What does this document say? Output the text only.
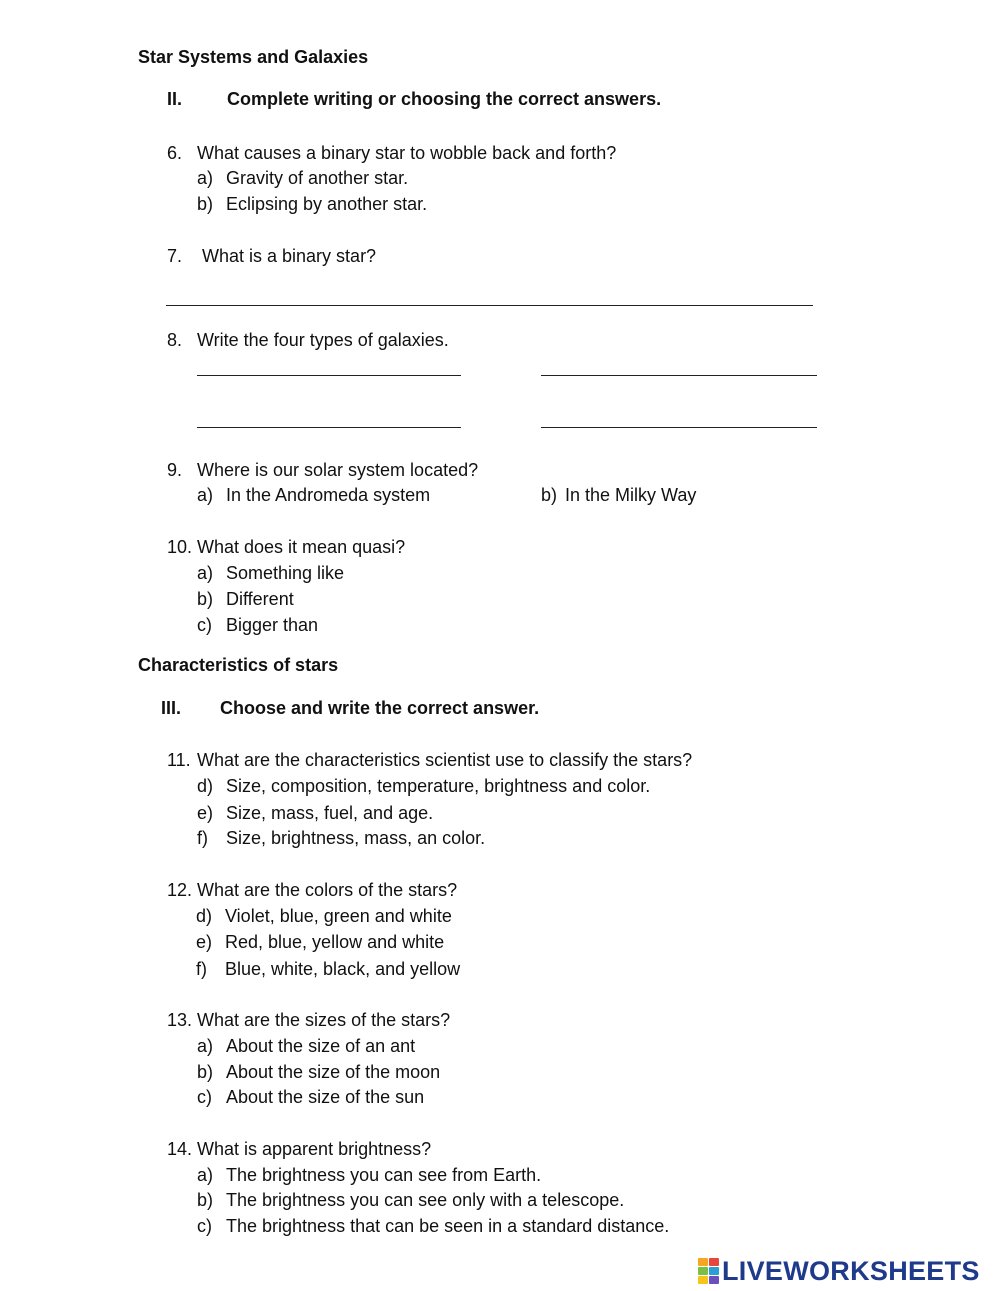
Star Systems and Galaxies
II. Complete writing or choosing the correct answers.
6. What causes a binary star to wobble back and forth?
a) Gravity of another star.
b) Eclipsing by another star.
7. What is a binary star?
8. Write the four types of galaxies.
9. Where is our solar system located?
a) In the Andromeda system	b) In the Milky Way
10. What does it mean quasi?
a) Something like
b) Different
c) Bigger than
Characteristics of stars
III. Choose and write the correct answer.
11. What are the characteristics scientist use to classify the stars?
d) Size, composition, temperature, brightness and color.
e) Size, mass, fuel, and age.
f) Size, brightness, mass, an color.
12. What are the colors of the stars?
d) Violet, blue, green and white
e) Red, blue, yellow and white
f) Blue, white, black, and yellow
13. What are the sizes of the stars?
a) About the size of an ant
b) About the size of the moon
c) About the size of the sun
14. What is apparent brightness?
a) The brightness you can see from Earth.
b) The brightness you can see only with a telescope.
c) The brightness that can be seen in a standard distance.
LIVEWORKSHEETS
